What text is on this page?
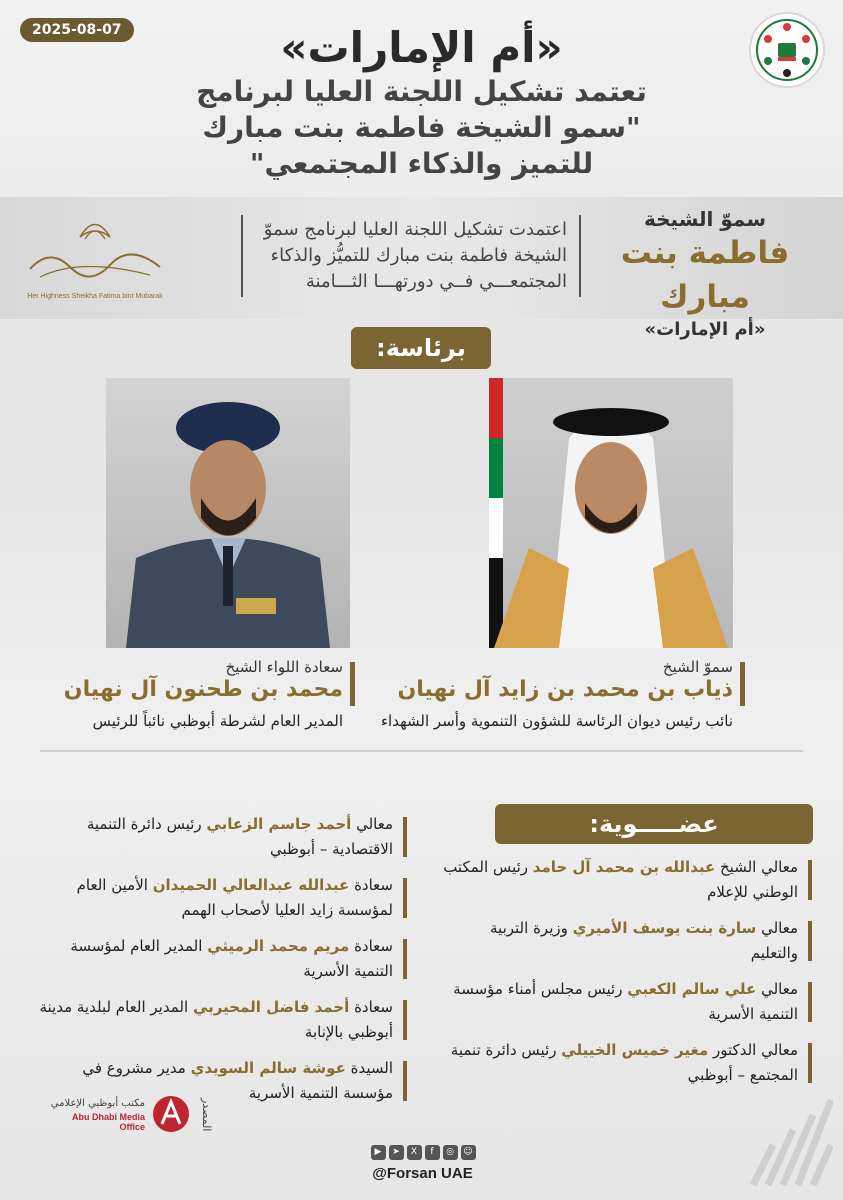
2025-08-07	«أم الإمارات»
تعتمد تشكيل اللجنة العليا لبرنامج
"سمو الشيخة فاطمة بنت مبارك
للتميز والذكاء المجتمعي"
سموّ الشيخة
فاطمة بنت مبارك
«أم الإمارات»
اعتمدت تشكيل اللجنة العليا لبرنامج سموّ الشيخة فاطمة بنت مبارك للتميُّز والذكاء المجتمعـــي فــي دورتهـــا الثـــامنة
Her Highness Sheikha Fatima bint Mubarak
برئاسة:
سموّ الشيخ
ذياب بن محمد بن زايد آل نهيان
نائب رئيس ديوان الرئاسة للشؤون التنموية وأسر الشهداء
سعادة اللواء الشيخ
محمد بن طحنون آل نهيان
المدير العام لشرطة أبوظبي نائباً للرئيس
عضـــــوية:
معالي الشيخ عبدالله بن محمد آل حامد رئيس المكتب الوطني للإعلام
معالي سارة بنت يوسف الأميري وزيرة التربية والتعليم
معالي علي سالم الكعبي رئيس مجلس أمناء مؤسسة التنمية الأسرية
معالي الدكتور مغير خميس الخييلي رئيس دائرة تنمية المجتمع – أبوظبي
معالي أحمد جاسم الزعابي رئيس دائرة التنمية الاقتصادية – أبوظبي
سعادة عبدالله عبدالعالي الحميدان الأمين العام لمؤسسة زايد العليا لأصحاب الهمم
سعادة مريم محمد الرميثي المدير العام لمؤسسة التنمية الأسرية
سعادة أحمد فاضل المحيربي المدير العام لبلدية مدينة أبوظبي بالإنابة
السيدة عوشة سالم السويدي مدير مشروع في مؤسسة التنمية الأسرية
المصدر
مكتب أبوظبي الإعلامي
Abu Dhabi Media Office
▶	➤	X	f	◎	☺
@Forsan UAE
